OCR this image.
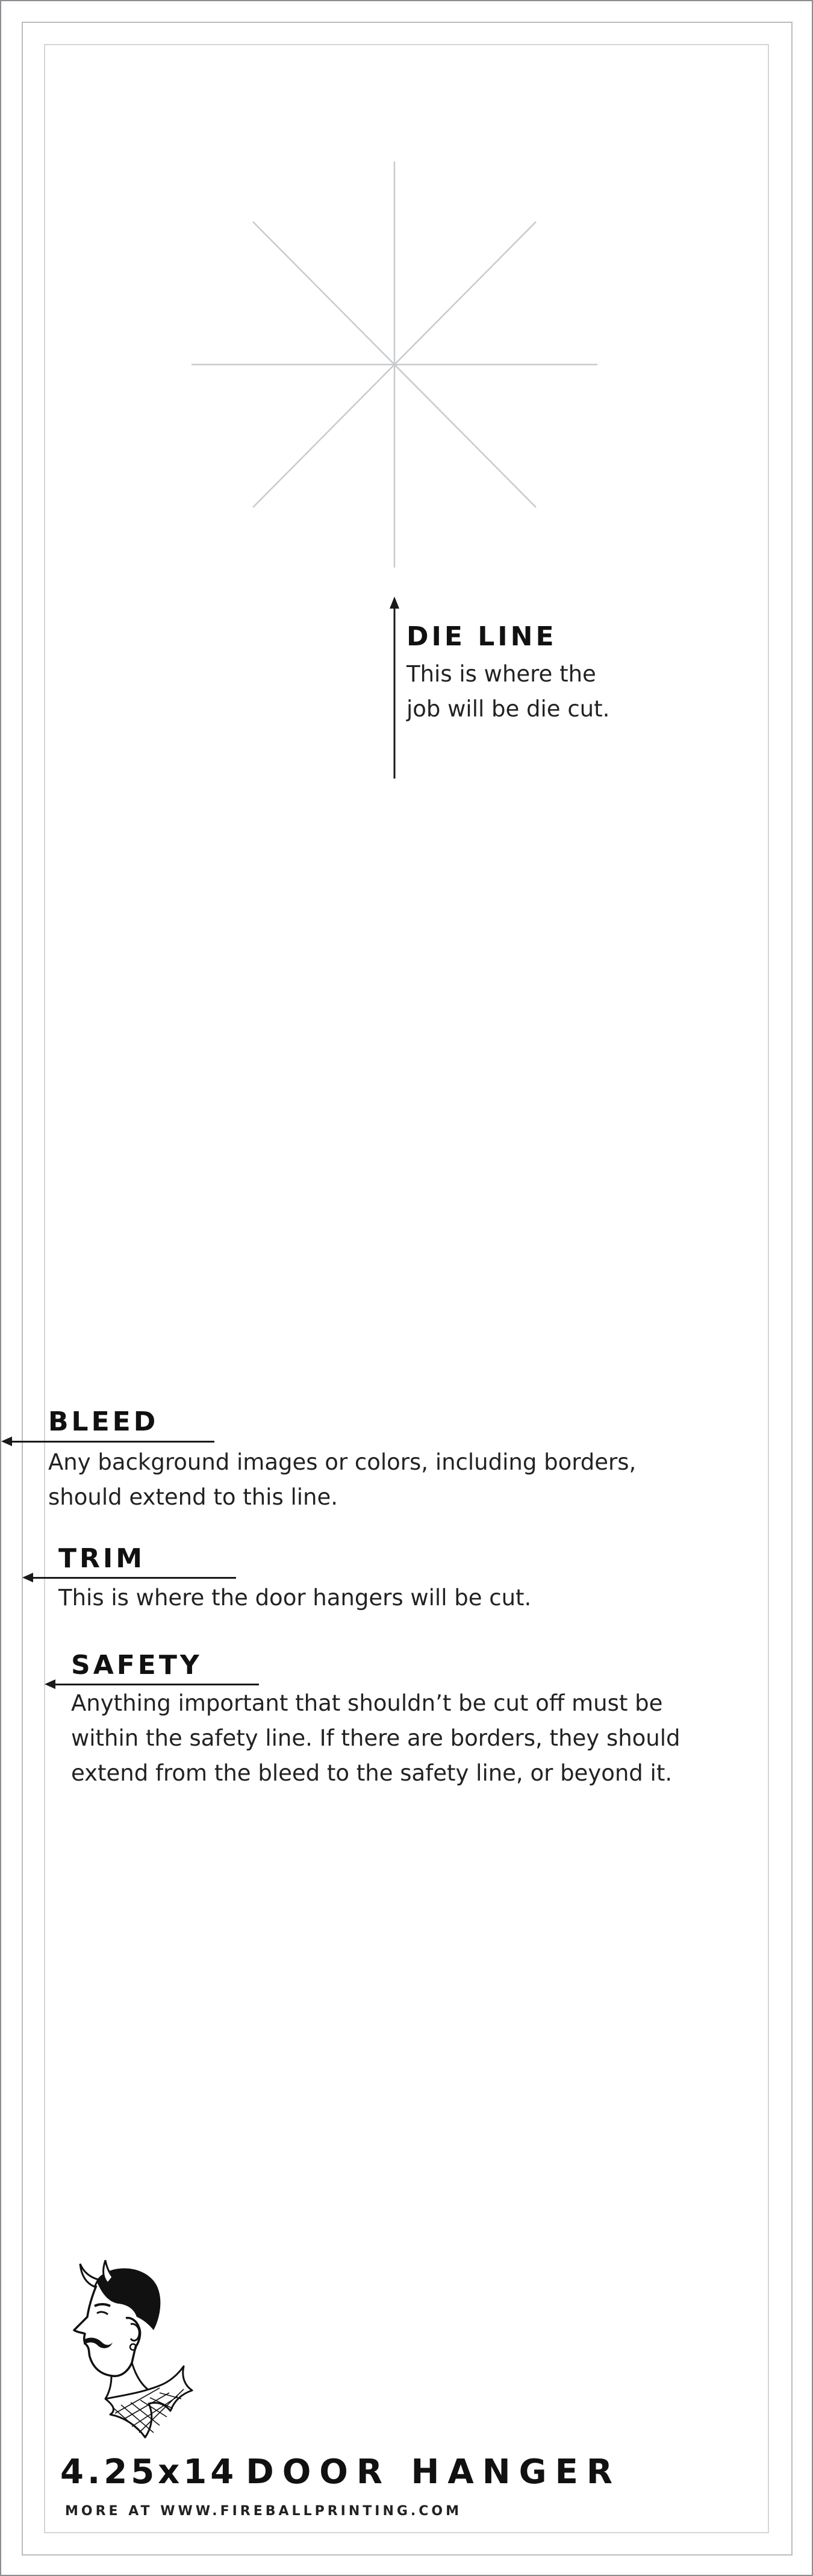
DIE LINE

This is where the

job will be die cut.

BLEED

Any background images or colors, including borders,

should extend to this line.

TRIM

This is where the door hangers will be cut.

SAFETY

Anything important that shouldn’t be cut off must be

within the safety line. If there are borders, they should

extend from the bleed to the safety line, or beyond it.

4.25x14 DOOR HANGER

MORE AT WWW.FIREBALLPRINTING.COM
